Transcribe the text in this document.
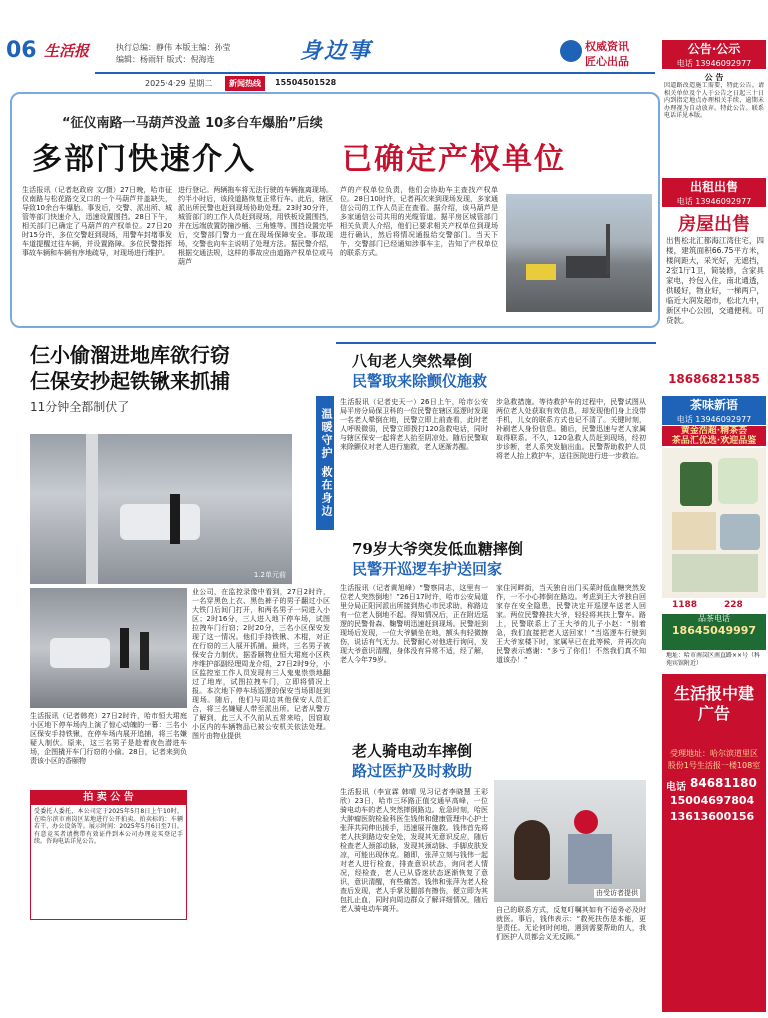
06 生活报	执行总编：静伟 本版主编：孙莹
编辑：杨雨轩 版式：倪海连	身边事	权威资讯
匠心出品
2025·4·29 星期二	新闻热线	15504501528
“征仪南路一马葫芦没盖 10多台车爆胎”后续
多部门快速介入	已确定产权单位
生活报讯（记者赵政府 文/摄）27日晚，哈市征仪南路与松花路交叉口的一个马葫芦井盖缺失，导致10余台车爆胎。事发后，交警、派出所、城管等部门快速介入，迅速设置围挡。28日下午，相关部门已确定了马葫芦的产权单位。27日20时15分许，多位交警赶到现场，用警车封堵事发车道提醒过往车辆，并设置路障。多位民警指挥事故车辆和车辆有序地疏导，对现场进行维护。
进行登记。两辆拖车将无法行驶的车辆拖离现场。约半小时后，该段道路恢复正常行车。此后，辖区派出所民警也赶到现场协助处理。23时30分许，城管部门的工作人员赶到现场，用铁板设置围挡，并在远端放置防撞沙桶、三角锥等。围挡设置完毕后，交警部门警力一直在现场保障安全。事故现场，交警也向车主说明了处理方法。据民警介绍，根据交通法规，这样的事故应由道路产权单位或马葫芦
芦的产权单位负责，他们会协助车主查找产权单位。28日10时许，记者再次来到现场发现，多家通信公司的工作人员正在查看。据介绍，该马葫芦是多家通信公司共用的光缆管道。据平房区城管部门相关负责人介绍，他们已要求相关产权单位到现场进行确认，然后将情况通报给交警部门。当天下午，交警部门已经通知涉事车主，告知了产权单位的联系方式。
仨小偷溜进地库欲行窃
仨保安抄起铁锹来抓捕
11分钟全都制伏了
温暖守护 救在身边
1.2单元前
生活报讯（记者韩亮）27日2时许，哈市恒大珺庭小区地下停车场内上演了惊心动魄的一幕：三名小区保安手持铁锹，在停车场内展开追捕，将三名嫌疑人制伏。原来，这三名男子是趁着夜色潜进车场，企图撬开车门行窃的小偷。28日，记者来到负责该小区的香颐物
业公司，在监控录像中看到，27日2时许，一名穿黑色上衣、黑色裤子的男子翻过小区大铁门后间门打开，和两名男子一同进入小区；2时16分，三人进入地下停车场，试图拉拽车门行窃；2时20分，三名小区保安发现了这一情况。他们手持铁锹、木棍，对正在行窃的三人展开抓捕。最终，三名男子被保安合力制伏。据香颐物业恒大珺庭小区秩序维护部副经理周龙介绍，27日2时9分，小区监控室工作人员发现有三人鬼鬼祟祟地翻过了地库，试图拉拽车门，立即将情况上报。本次地下停车场巡逻的保安当场即赶到现场。随后，他们与周边其他保安人员汇合，将三名嫌疑人带至派出所。记者从警方了解到，此三人不久前从五常来哈，因窃取小区内的车辆物品已被公安机关依法处理。图片由物业提供
拍 卖 公 告
受委托人委托，本公司定于2025年5月8日上午10时，在哈尔滨市南岗区某地进行公开拍卖。拍卖标的：车辆若干、办公设备等。展示时间：2025年5月6日至7日。有意竞买者请携带有效证件到本公司办理竞买登记手续。咨询电话详见公告。
八旬老人突然晕倒
民警取来除颤仪施救
生活报讯（记者史天一）26日上午，哈市公安局平房分局保卫科的一位民警在辖区巡逻时发现一名老人晕倒在地，民警立即上前查看，此时老人呼吸微弱，民警立即拨打120急救电话，同时与辖区保安一起将老人抬至阴凉处。随后民警取来除颤仪对老人进行施救，老人逐渐苏醒。
步急救措施。等待救护车的过程中，民警试图从两位老人处获取有效信息，却发现他们身上没带手机，儿女的联系方式也记不清了。关键时刻，补刷老人身份信息。随后，民警迅速与老人家属取得联系。不久，120急救人员赶到现场，经初步诊断，老人系突发脑出血。民警帮助救护人员将老人抬上救护车，送往医院进行进一步救治。
79岁大爷突发低血糖摔倒
民警开巡逻车护送回家
生活报讯（记者黄旭峰）“警察同志，这里有一位老人突然倒地！”26日17时许，哈市公安局道里分局正阳河派出所接到热心市民求助，称路边有一位老人倒地不起。得知情况后，正在附近巡逻的民警骨森、鞠警明迅速赶到现场。民警赶到现场后发现，一位大爷躺坐在地，额头有轻微擦伤，说话有气无力。民警耐心对他进行询问，发现大爷意识清醒，身体没有异常不适，经了解，老人今年79岁。
家住河畔街，当天独自出门买菜时低血糖突然发作，一不小心摔倒在路边。考虑到王大爷独自回家存在安全隐患，民警决定开巡逻车送老人回家。两位民警搀扶大爷，轻轻将其扶上警车。路上，民警联系上了王大爷的儿子小赵：“别着急，我们直接把老人送回家！”当巡逻车行驶到王大爷家楼下时，家属早已在此等候，并再次向民警表示感谢：“多亏了你们！不然我们真不知道该办！”
老人骑电动车摔倒
路过医护及时救助
生活报讯（李宣霖 韩晴 见习记者李晓慧 王彩欣）23日，哈市三环路正值交通早高峰，一位骑电动车的老人突然摔倒路边。危急时刻，哈医大肿瘤医院检验科医生钱伟和健康管理中心护士张萍共同伸出援手，迅速展开施救。钱伟首先将老人扶到路边安全处，发现其无意识反应，随后检查老人颈部动脉，发现其颈动脉、手脚皮肤发凉，可能出现休克。随即，张萍立刻与钱伟一起对老人进行检查，排查意识状态，询问老人情况，经检查，老人已从昏迷状态逐渐恢复了意识，意识清醒，有些痛苦。钱伟和张萍为老人检查后发现，老人手掌及腿部有擦伤，便立即为其包扎止血，同时向周边群众了解详细情况，随后老人骑电动车离开。
由受访者提供
自己的联系方式，反复叮嘱其如有不适务必及时就医。事后，钱伟表示：“救死扶伤是本能，更是责任。无论何时何地，遇到需要帮助的人，我们医护人员都会义无反顾。”
公告·公示
电话 13946092977
公 告
因道路改造施工需要，特此公告。请相关单位及个人于公告之日起三十日内到指定地点办理相关手续，逾期未办理视为自动放弃。特此公告。联系电话详见本版。
出租出售
电话 13946092977
房屋出售
出售松北汇都海江湾住宅，四楼，建筑面积66.75平方米，楼间距大，采光好，无遮挡，2室1厅1卫，简装修，含家具家电，拎包入住，南北通透，供暖好，物业好，一梯两户，临近大润发超市，松北九中，新区中心公园，交通便利。可贷款。
18686821585
茶味新语
电话 13946092977
黄金浩超·精茶荟
茶品汇优选·欢迎品鉴
1188	228
品茶电话
18645049997
地址：哈市南岗区南直路××号（科苑宾馆附近）
生活报中建广告
受理地址：哈尔滨道里区
股份1号生活报一楼108室
电话 84681180
15004697804
13613600156
